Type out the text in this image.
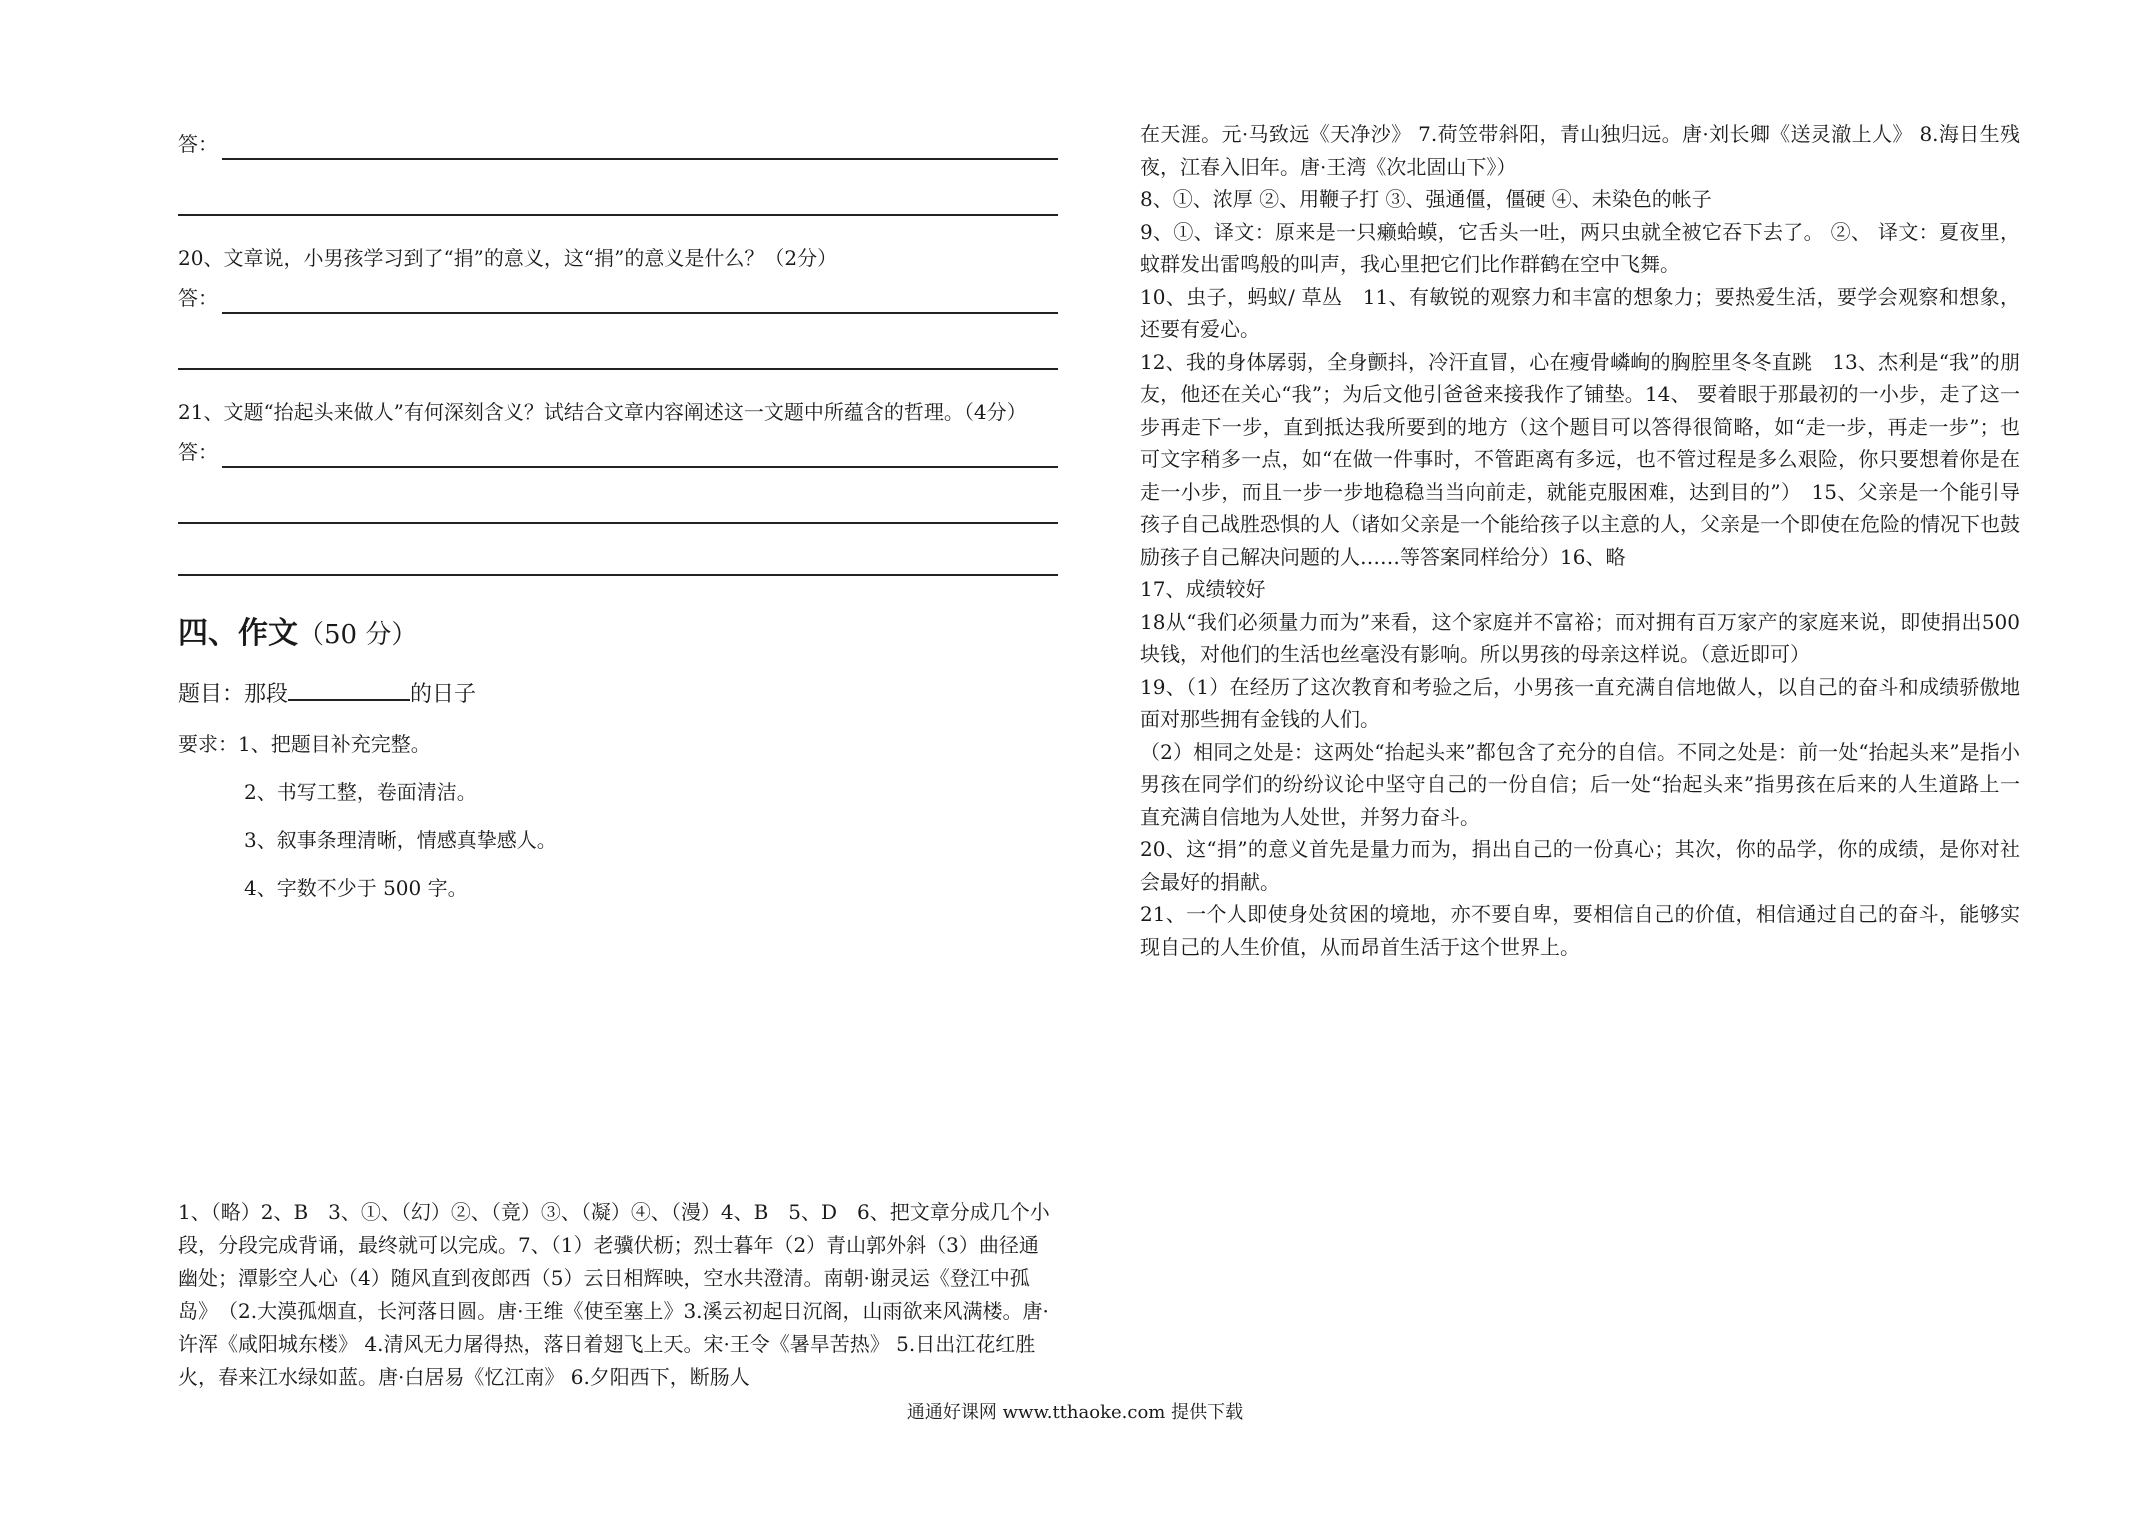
答：
20、文章说，小男孩学习到了“捐”的意义，这“捐”的意义是什么？（2分）
答：
21、文题“抬起头来做人”有何深刻含义？试结合文章内容阐述这一文题中所蕴含的哲理。（4分）
答：
四、作文（50 分）
题目：那段	的日子
要求：1、把题目补充完整。
2、书写工整，卷面清洁。
3、叙事条理清晰，情感真挚感人。
4、字数不少于 500 字。
1、（略）2、B　3、①、（幻）②、（竟）③、（凝）④、（漫）4、B　5、D　6、把文章分成几个小段，分段完成背诵，最终就可以完成。7、（1）老骥伏枥；烈士暮年（2）青山郭外斜（3）曲径通幽处；潭影空人心（4）随风直到夜郎西（5）云日相辉映，空水共澄清。南朝·谢灵运《登江中孤岛》　（2.大漠孤烟直，长河落日圆。唐·王维《使至塞上》3.溪云初起日沉阁，山雨欲来风满楼。唐·许浑《咸阳城东楼》 4.清风无力屠得热，落日着翅飞上天。宋·王令《暑旱苦热》 5.日出江花红胜火，春来江水绿如蓝。唐·白居易《忆江南》 6.夕阳西下，断肠人
在天涯。元·马致远《天净沙》 7.荷笠带斜阳，青山独归远。唐·刘长卿《送灵澈上人》 8.海日生残夜，江春入旧年。唐·王湾《次北固山下》）
8、①、浓厚 ②、用鞭子打 ③、强通僵，僵硬 ④、未染色的帐子
9、①、译文：原来是一只癞蛤蟆，它舌头一吐，两只虫就全被它吞下去了。 ②、 译文：夏夜里，蚊群发出雷鸣般的叫声，我心里把它们比作群鹤在空中飞舞。
10、虫子，蚂蚁/ 草丛　11、有敏锐的观察力和丰富的想象力；要热爱生活，要学会观察和想象，还要有爱心。
12、我的身体孱弱，全身颤抖，冷汗直冒，心在瘦骨嶙峋的胸腔里冬冬直跳　13、杰利是“我”的朋友，他还在关心“我”；为后文他引爸爸来接我作了铺垫。14、 要着眼于那最初的一小步，走了这一步再走下一步，直到抵达我所要到的地方（这个题目可以答得很简略，如“走一步，再走一步”；也可文字稍多一点，如“在做一件事时，不管距离有多远，也不管过程是多么艰险，你只要想着你是在走一小步，而且一步一步地稳稳当当向前走，就能克服困难，达到目的”）　15、父亲是一个能引导孩子自己战胜恐惧的人（诸如父亲是一个能给孩子以主意的人，父亲是一个即使在危险的情况下也鼓励孩子自己解决问题的人……等答案同样给分）16、略
17、成绩较好
18从“我们必须量力而为”来看，这个家庭并不富裕；而对拥有百万家产的家庭来说，即使捐出500块钱，对他们的生活也丝毫没有影响。所以男孩的母亲这样说。（意近即可）
19、（1）在经历了这次教育和考验之后，小男孩一直充满自信地做人，以自己的奋斗和成绩骄傲地面对那些拥有金钱的人们。
（2）相同之处是：这两处“抬起头来”都包含了充分的自信。不同之处是：前一处“抬起头来”是指小男孩在同学们的纷纷议论中坚守自己的一份自信；后一处“抬起头来”指男孩在后来的人生道路上一直充满自信地为人处世，并努力奋斗。
20、这“捐”的意义首先是量力而为，捐出自己的一份真心；其次，你的品学，你的成绩，是你对社会最好的捐献。
21、一个人即使身处贫困的境地，亦不要自卑，要相信自己的价值，相信通过自己的奋斗，能够实现自己的人生价值，从而昂首生活于这个世界上。
通通好课网 www.tthaoke.com 提供下载
